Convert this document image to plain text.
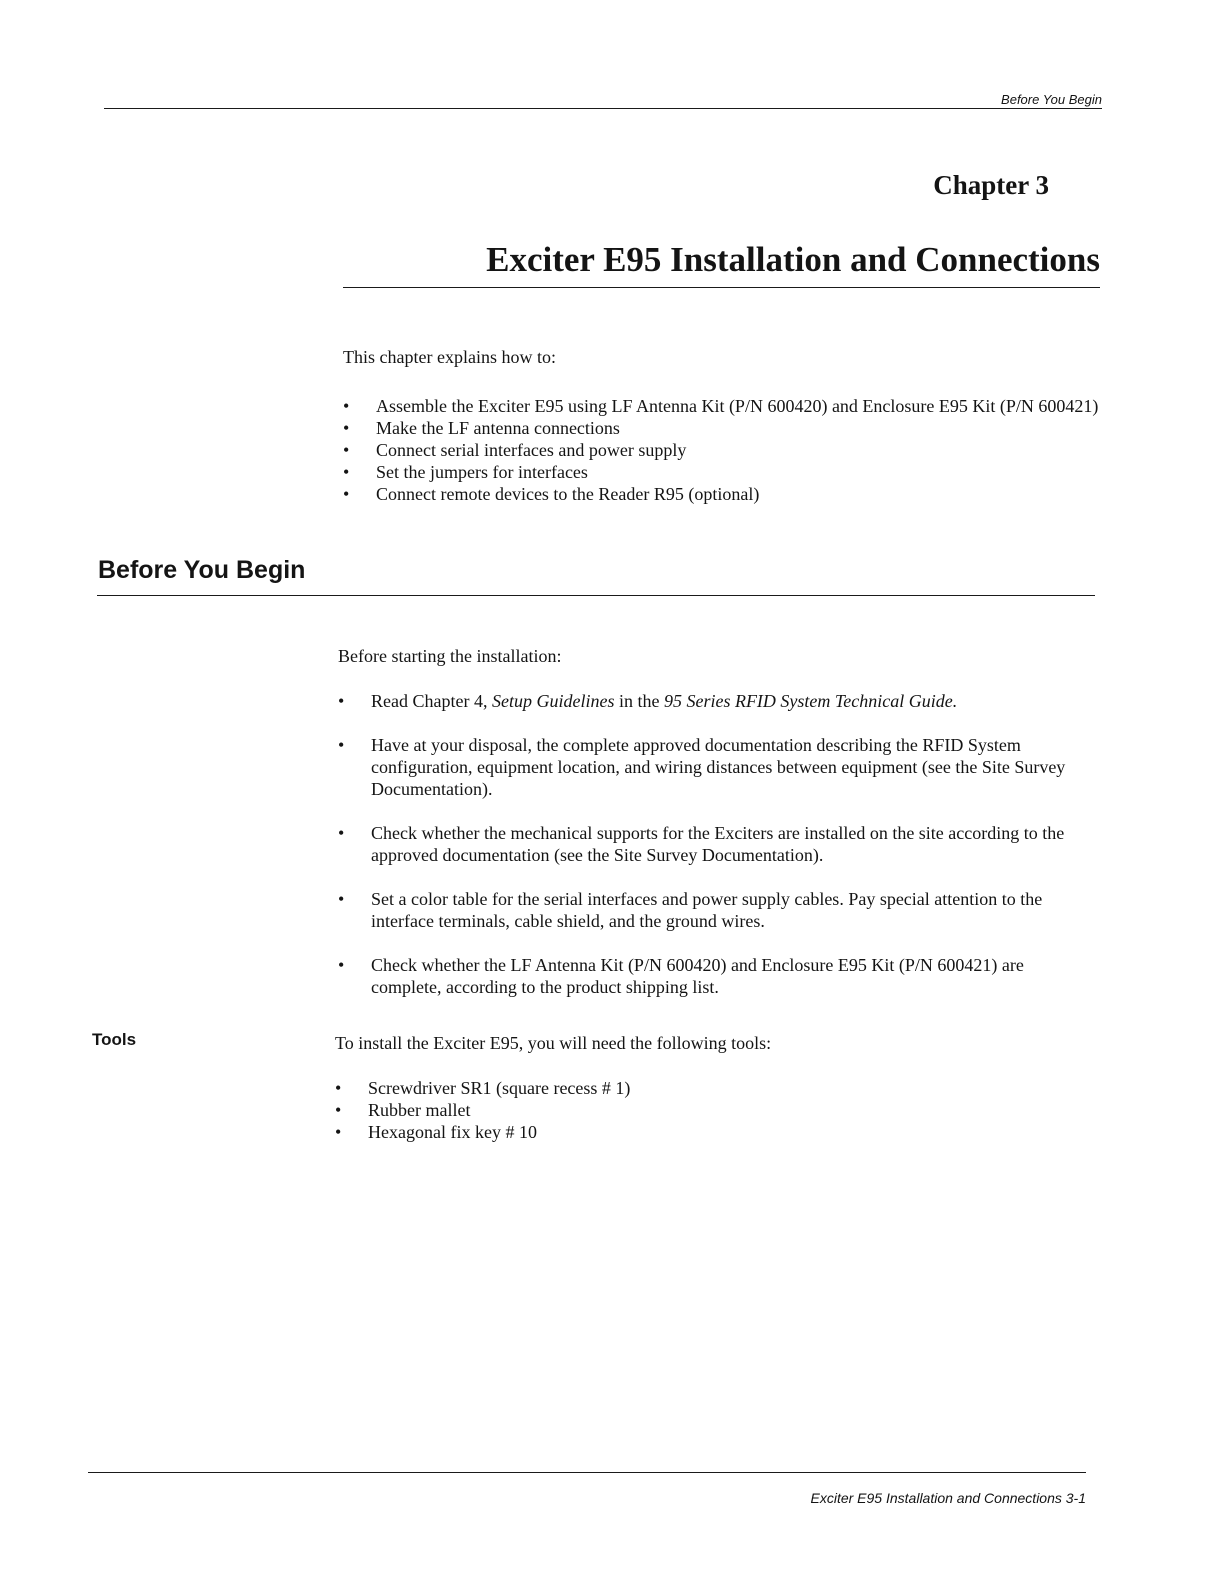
Before You Begin
Chapter 3
Exciter E95 Installation and Connections
This chapter explains how to:
• Assemble the Exciter E95 using LF Antenna Kit (P/N 600420) and Enclosure E95 Kit (P/N 600421)
• Make the LF antenna connections
• Connect serial interfaces and power supply
• Set the jumpers for interfaces
• Connect remote devices to the Reader R95 (optional)
Before You Begin
Before starting the installation:
• Read Chapter 4, Setup Guidelines in the 95 Series RFID System Technical Guide.
• Have at your disposal, the complete approved documentation describing the RFID System configuration, equipment location, and wiring distances between equipment (see the Site Survey Documentation).
• Check whether the mechanical supports for the Exciters are installed on the site according to the approved documentation (see the Site Survey Documentation).
• Set a color table for the serial interfaces and power supply cables. Pay special attention to the interface terminals, cable shield, and the ground wires.
• Check whether the LF Antenna Kit (P/N 600420) and Enclosure E95 Kit (P/N 600421) are complete, according to the product shipping list.
Tools	To install the Exciter E95, you will need the following tools:
• Screwdriver SR1 (square recess # 1)
• Rubber mallet
• Hexagonal fix key # 10
Exciter E95 Installation and Connections 3-1
